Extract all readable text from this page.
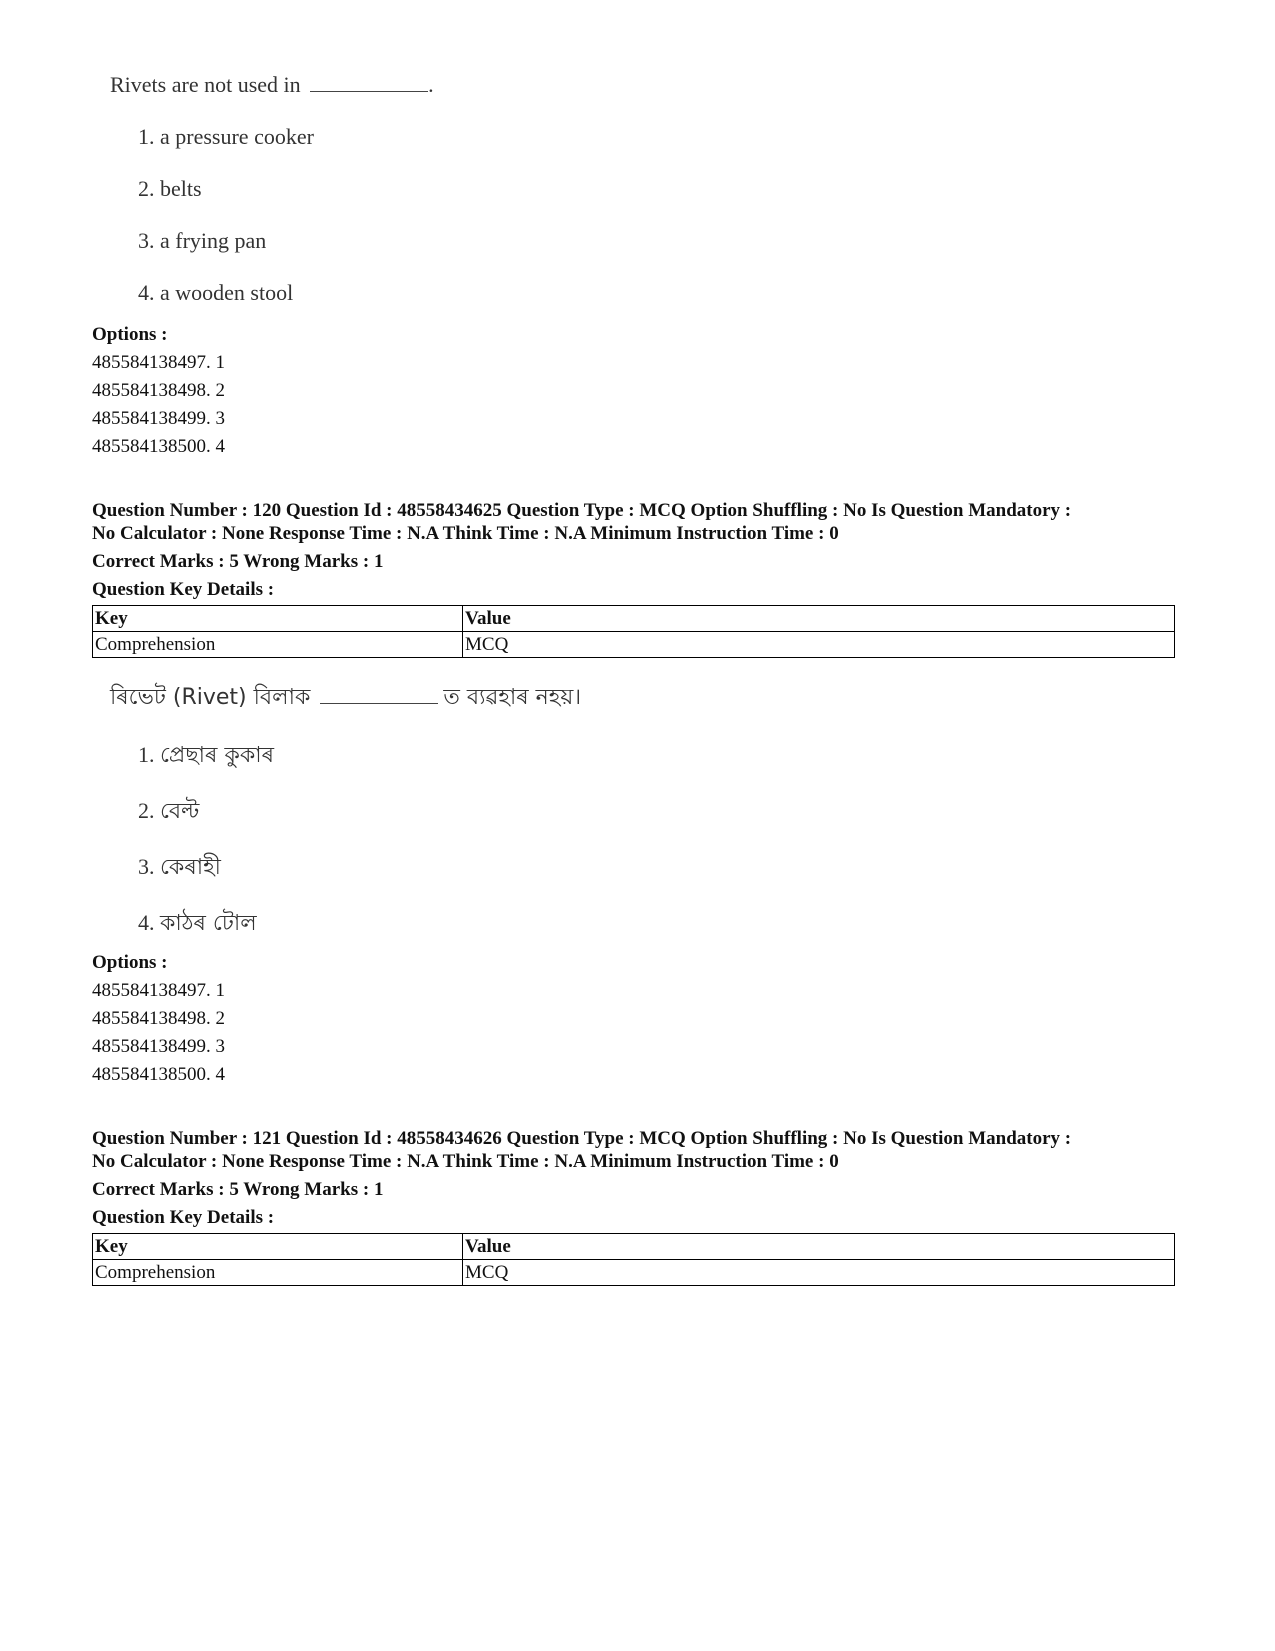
Rivets are not used in	.
1. a pressure cooker
2. belts
3. a frying pan
4. a wooden stool
Options :
485584138497. 1
485584138498. 2
485584138499. 3
485584138500. 4
Question Number : 120 Question Id : 48558434625 Question Type : MCQ Option Shuffling : No Is Question Mandatory :
No Calculator : None Response Time : N.A Think Time : N.A Minimum Instruction Time : 0
Correct Marks : 5 Wrong Marks : 1
Question Key Details :
Key	Value
Comprehension	MCQ
ৰিভেট (Rivet) বিলাক	ত ব্যৱহাৰ নহয়।
1. প্ৰেছাৰ কুকাৰ
2. বেল্ট
3. কেৰাহী
4. কাঠৰ টোল
Options :
485584138497. 1
485584138498. 2
485584138499. 3
485584138500. 4
Question Number : 121 Question Id : 48558434626 Question Type : MCQ Option Shuffling : No Is Question Mandatory :
No Calculator : None Response Time : N.A Think Time : N.A Minimum Instruction Time : 0
Correct Marks : 5 Wrong Marks : 1
Question Key Details :
Key	Value
Comprehension	MCQ
